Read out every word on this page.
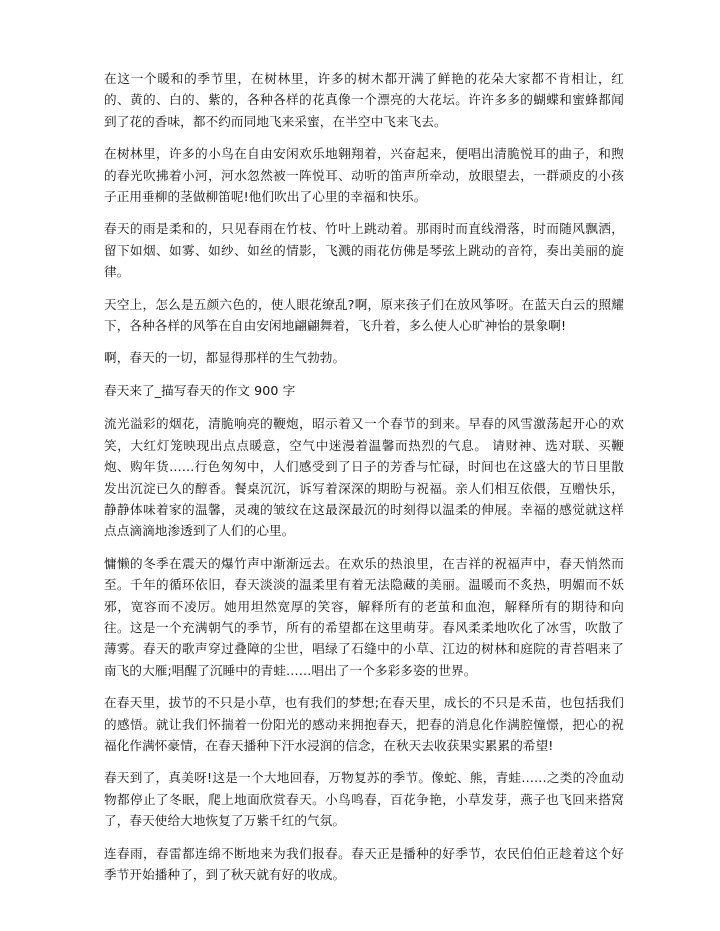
在这一个暖和的季节里，在树林里，许多的树木都开满了鲜艳的花朵大家都不肯相让，红的、黄的、白的、紫的，各种各样的花真像一个漂亮的大花坛。许许多多的蝴蝶和蜜蜂都闻到了花的香味，都不约而同地飞来采蜜，在半空中飞来飞去。

在树林里，许多的小鸟在自由安闲欢乐地翱翔着，兴奋起来，便唱出清脆悦耳的曲子，和煦的春光吹拂着小河，河水忽然被一阵悦耳、动听的笛声所牵动，放眼望去，一群顽皮的小孩子正用垂柳的茎做柳笛呢!他们吹出了心里的幸福和快乐。

春天的雨是柔和的，只见春雨在竹枝、竹叶上跳动着。那雨时而直线滑落，时而随风飘洒，留下如烟、如雾、如纱、如丝的情影，飞溅的雨花仿佛是琴弦上跳动的音符，奏出美丽的旋律。

天空上，怎么是五颜六色的，使人眼花缭乱?啊，原来孩子们在放风筝呀。在蓝天白云的照耀下，各种各样的风筝在自由安闲地翩翩舞着，飞升着，多么使人心旷神怡的景象啊!

啊，春天的一切，都显得那样的生气勃勃。

春天来了_描写春天的作文 900 字

流光溢彩的烟花，清脆响亮的鞭炮，昭示着又一个春节的到来。早春的风雪激荡起开心的欢笑，大红灯笼映现出点点暖意，空气中迷漫着温馨而热烈的气息。 请财神、选对联、买鞭炮、购年货……行色匆匆中，人们感受到了日子的芳香与忙碌，时间也在这盛大的节日里散发出沉淀已久的醇香。餐桌沉沉，诉写着深深的期盼与祝福。亲人们相互依偎，互赠快乐，静静体味着家的温馨，灵魂的皱纹在这最深最沉的时刻得以温柔的伸展。幸福的感觉就这样点点滴滴地渗透到了人们的心里。

慵懒的冬季在震天的爆竹声中渐渐远去。在欢乐的热浪里，在吉祥的祝福声中，春天悄然而至。千年的循环依旧，春天淡淡的温柔里有着无法隐藏的美丽。温暖而不炙热，明媚而不妖邪，宽容而不凌厉。她用坦然宽厚的笑容，解释所有的老茧和血泡，解释所有的期待和向往。这是一个充满朝气的季节，所有的希望都在这里萌芽。春风柔柔地吹化了冰雪，吹散了薄雾。春天的歌声穿过叠障的尘世，唱绿了石缝中的小草、江边的树林和庭院的青苔唱来了南飞的大雁;唱醒了沉睡中的青蛙……唱出了一个多彩多姿的世界。

在春天里，拔节的不只是小草，也有我们的梦想;在春天里，成长的不只是禾苗，也包括我们的感悟。就让我们怀揣着一份阳光的感动来拥抱春天，把春的消息化作满腔憧憬，把心的祝福化作满怀豪情，在春天播种下汗水浸润的信念，在秋天去收获果实累累的希望!

春天到了，真美呀!这是一个大地回春，万物复苏的季节。像蛇、熊，青蛙……之类的冷血动物都停止了冬眠，爬上地面欣赏春天。小鸟鸣春，百花争艳，小草发芽，燕子也飞回来搭窝了，春天使给大地恢复了万紫千红的气氛。

连春雨，春雷都连绵不断地来为我们报春。春天正是播种的好季节，农民伯伯正趁着这个好季节开始播种了，到了秋天就有好的收成。
